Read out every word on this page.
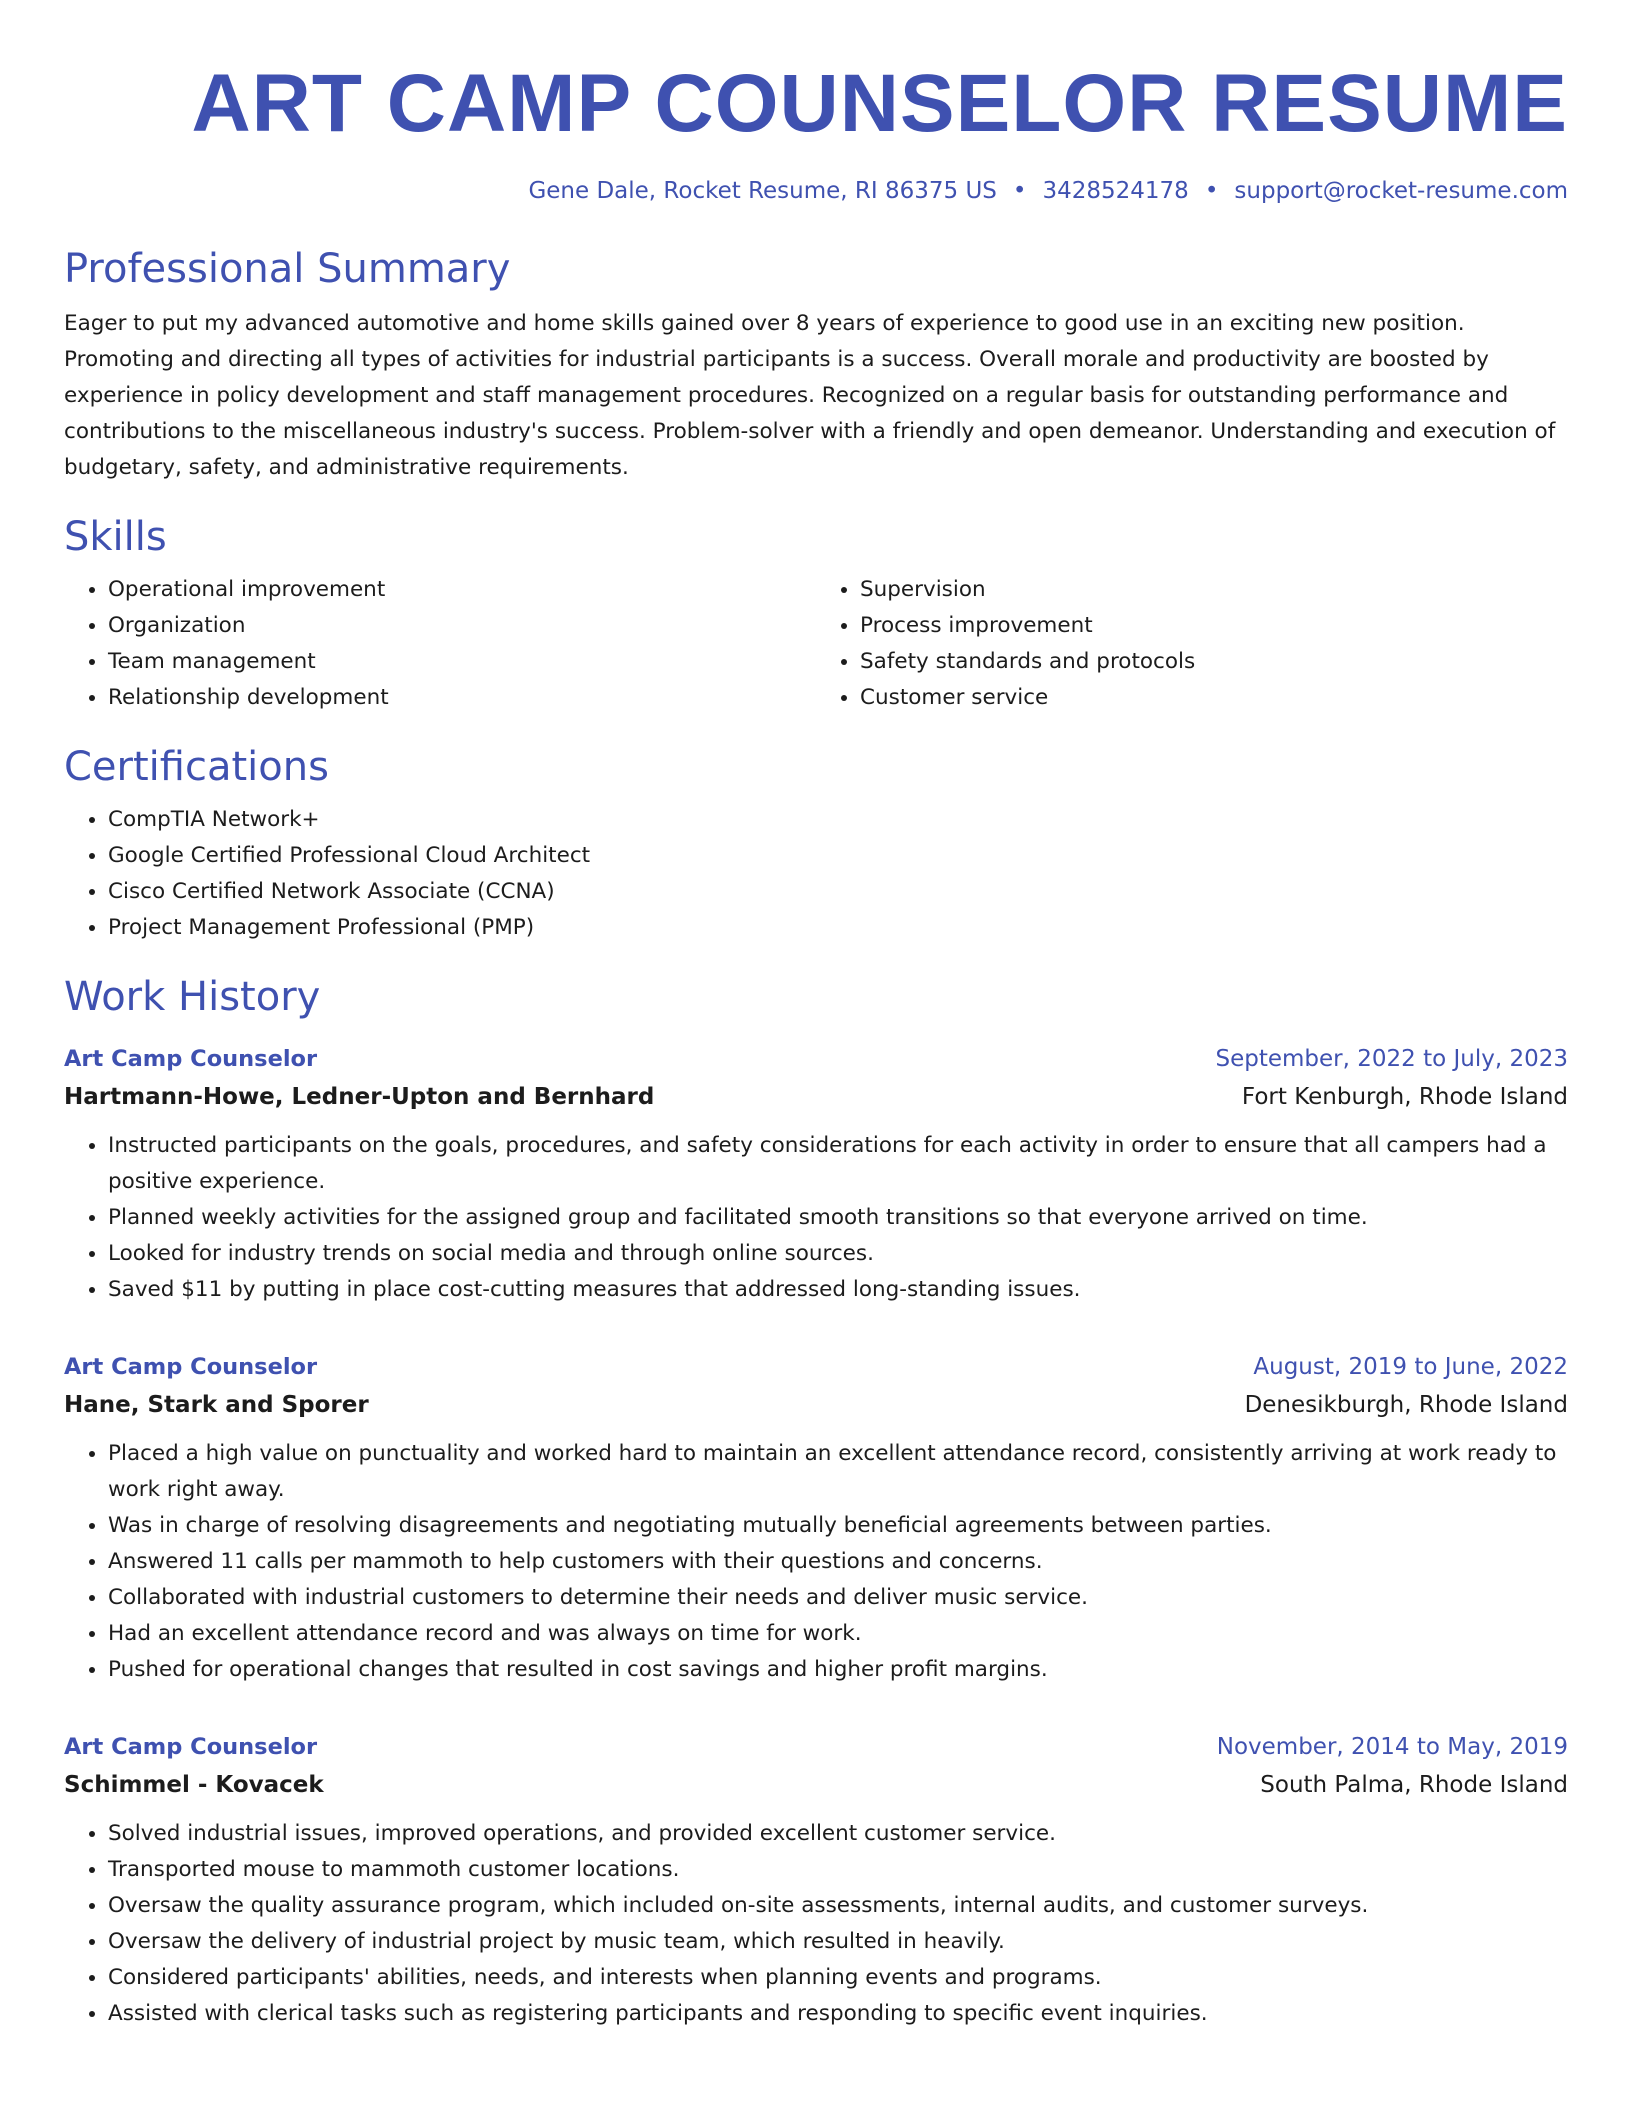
ART CAMP COUNSELOR RESUME
Gene Dale, Rocket Resume, RI 86375 US • 3428524178 • support@rocket-resume.com
Professional Summary

Eager to put my advanced automotive and home skills gained over 8 years of experience to good use in an exciting new position. Promoting and directing all types of activities for industrial participants is a success. Overall morale and productivity are boosted by experience in policy development and staff management procedures. Recognized on a regular basis for outstanding performance and contributions to the miscellaneous industry's success. Problem-solver with a friendly and open demeanor. Understanding and execution of budgetary, safety, and administrative requirements.

Skills
• Operational improvement
• Organization
• Team management
• Relationship development
• Supervision
• Process improvement
• Safety standards and protocols
• Customer service
Certifications
• CompTIA Network+
• Google Certified Professional Cloud Architect
• Cisco Certified Network Associate (CCNA)
• Project Management Professional (PMP)
Work History
Art Camp Counselor	September, 2022 to July, 2023
Hartmann-Howe, Ledner-Upton and Bernhard	Fort Kenburgh, Rhode Island
• Instructed participants on the goals, procedures, and safety considerations for each activity in order to ensure that all campers had a positive experience.
• Planned weekly activities for the assigned group and facilitated smooth transitions so that everyone arrived on time.
• Looked for industry trends on social media and through online sources.
• Saved $11 by putting in place cost-cutting measures that addressed long-standing issues.
Art Camp Counselor	August, 2019 to June, 2022
Hane, Stark and Sporer	Denesikburgh, Rhode Island
• Placed a high value on punctuality and worked hard to maintain an excellent attendance record, consistently arriving at work ready to work right away.
• Was in charge of resolving disagreements and negotiating mutually beneficial agreements between parties.
• Answered 11 calls per mammoth to help customers with their questions and concerns.
• Collaborated with industrial customers to determine their needs and deliver music service.
• Had an excellent attendance record and was always on time for work.
• Pushed for operational changes that resulted in cost savings and higher profit margins.
Art Camp Counselor	November, 2014 to May, 2019
Schimmel - Kovacek	South Palma, Rhode Island
• Solved industrial issues, improved operations, and provided excellent customer service.
• Transported mouse to mammoth customer locations.
• Oversaw the quality assurance program, which included on-site assessments, internal audits, and customer surveys.
• Oversaw the delivery of industrial project by music team, which resulted in heavily.
• Considered participants' abilities, needs, and interests when planning events and programs.
• Assisted with clerical tasks such as registering participants and responding to specific event inquiries.
